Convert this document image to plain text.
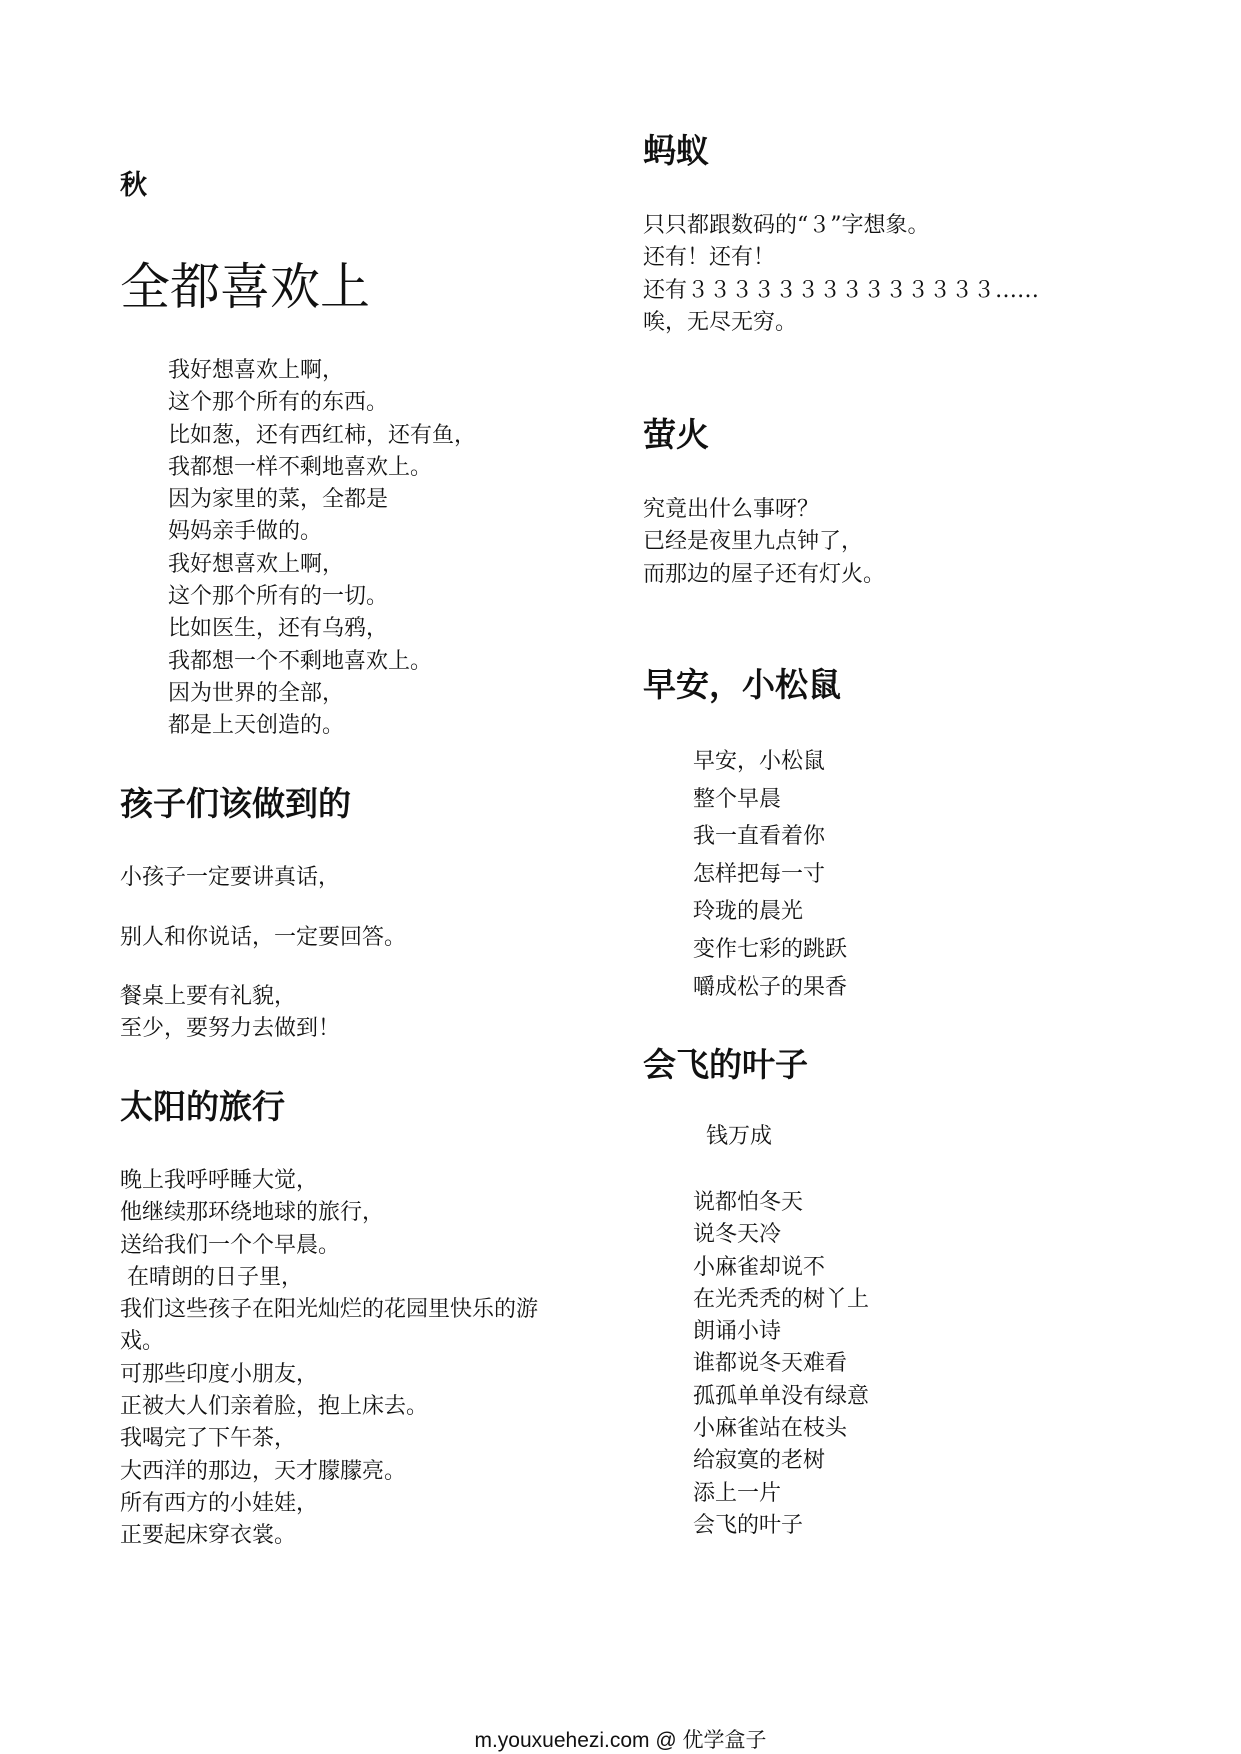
秋
全都喜欢上
我好想喜欢上啊，
这个那个所有的东西。
比如葱，还有西红柿，还有鱼，
我都想一样不剩地喜欢上。
因为家里的菜，全都是
妈妈亲手做的。
我好想喜欢上啊，
这个那个所有的一切。
比如医生，还有乌鸦，
我都想一个不剩地喜欢上。
因为世界的全部，
都是上天创造的。
孩子们该做到的
小孩子一定要讲真话，
别人和你说话，一定要回答。
餐桌上要有礼貌，
至少，要努力去做到！
太阳的旅行
晚上我呼呼睡大觉，
他继续那环绕地球的旅行，
送给我们一个个早晨。
在晴朗的日子里，
我们这些孩子在阳光灿烂的花园里快乐的游
戏。
可那些印度小朋友，
正被大人们亲着脸，抱上床去。
我喝完了下午茶，
大西洋的那边，天才朦朦亮。
所有西方的小娃娃，
正要起床穿衣裳。
蚂蚁
只只都跟数码的“３”字想象。
还有！还有！
还有３３３３３３３３３３３３３３……
唉，无尽无穷。
萤火
究竟出什么事呀？
已经是夜里九点钟了，
而那边的屋子还有灯火。
早安，小松鼠
早安，小松鼠
整个早晨
我一直看着你
怎样把每一寸
玲珑的晨光
变作七彩的跳跃
嚼成松子的果香
会飞的叶子
钱万成
说都怕冬天
说冬天冷
小麻雀却说不
在光秃秃的树丫上
朗诵小诗
谁都说冬天难看
孤孤单单没有绿意
小麻雀站在枝头
给寂寞的老树
添上一片
会飞的叶子
m.youxuehezi.com @ 优学盒子
